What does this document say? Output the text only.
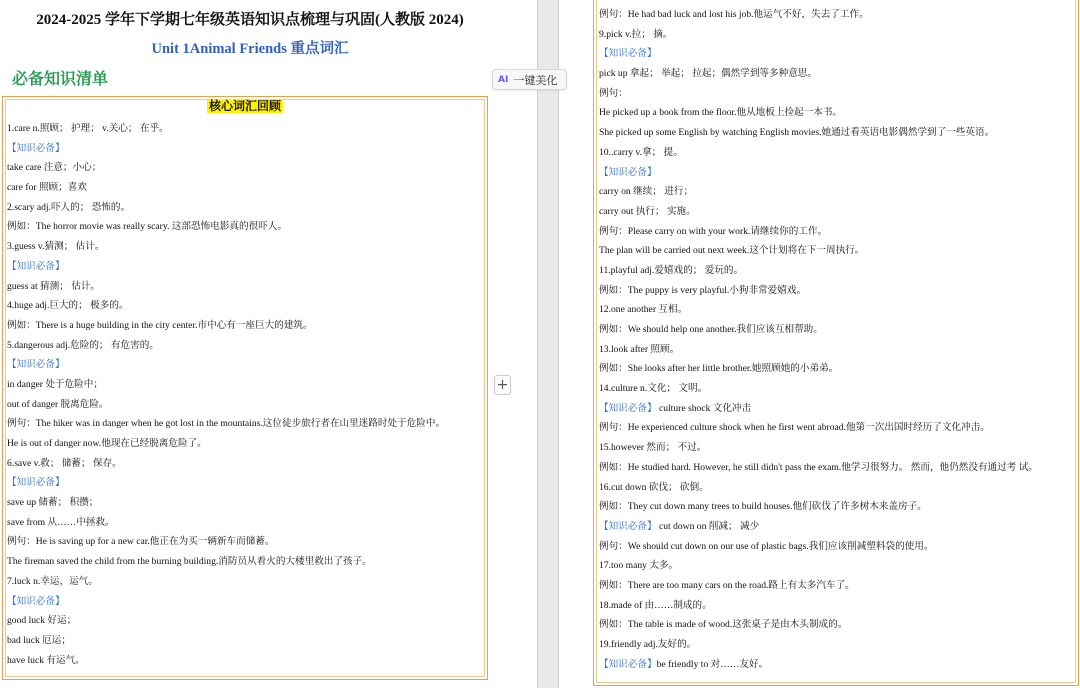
2024-2025 学年下学期七年级英语知识点梳理与巩固(人教版 2024)
Unit 1Animal Friends 重点词汇
必备知识清单
核心词汇回顾
1.care n.照顾； 护理； v.关心； 在乎。
【知识必备】
take care 注意；小心；
care for 照顾；喜欢
2.scary adj.吓人的； 恐怖的。
例如：The horror movie was really scary. 这部恐怖电影真的很吓人。
3.guess v.猜测； 估计。
【知识必备】
guess at 猜测； 估计。
4.huge adj.巨大的； 极多的。
例如：There is a huge building in the city center.市中心有一座巨大的建筑。
5.dangerous adj.危险的； 有危害的。
【知识必备】
in danger 处于危险中；
out of danger 脱离危险。
例句：The hiker was in danger when he got lost in the mountains.这位徒步旅行者在山里迷路时处于危险中。
He is out of danger now.他现在已经脱离危险了。
6.save v.救； 储蓄； 保存。
【知识必备】
save up 储蓄； 积攒；
save from 从……中拯救。
例句：He is saving up for a new car.他正在为买一辆新车而储蓄。
The fireman saved the child from the burning building.消防员从着火的大楼里救出了孩子。
7.luck n.幸运，运气。
【知识必备】
good luck 好运；
bad luck 厄运；
have luck 有运气。
例句：He had bad luck and lost his job.他运气不好，失去了工作。
9.pick v.拉； 摘。
【知识必备】
pick up 拿起； 举起； 拉起；偶然学到等多种意思。
例句：
He picked up a book from the floor.他从地板上捡起一本书。
She picked up some English by watching English movies.她通过看英语电影偶然学到了一些英语。
10..carry v.拿； 提。
【知识必备】
carry on 继续； 进行；
carry out 执行； 实施。
例句：Please carry on with your work.请继续你的工作。
The plan will be carried out next week.这个计划将在下一周执行。
11.playful adj.爱嬉戏的； 爱玩的。
例如：The puppy is very playful.小狗非常爱嬉戏。
12.one another 互相。
例如：We should help one another.我们应该互相帮助。
13.look after 照顾。
例如：She looks after her little brother.她照顾她的小弟弟。
14.culture n.文化； 文明。
【知识必备】 culture shock 文化冲击
例句：He experienced culture shock when he first went abroad.他第一次出国时经历了文化冲击。
15.however 然而； 不过。
例如：He studied hard. However, he still didn't pass the exam.他学习很努力。 然而，他仍然没有通过考 试。
16.cut down 砍伐； 砍倒。
例如：They cut down many trees to build houses.他们砍伐了许多树木来盖房子。
【知识必备】 cut down on 削减； 减少
例句：We should cut down on our use of plastic bags.我们应该削减塑料袋的使用。
17.too many 太多。
例如：There are too many cars on the road.路上有太多汽车了。
18.made of 由……制成的。
例如：The table is made of wood.这张桌子是由木头制成的。
19.friendly adj.友好的。
【知识必备】be friendly to 对……友好。
AI 一键美化
+
